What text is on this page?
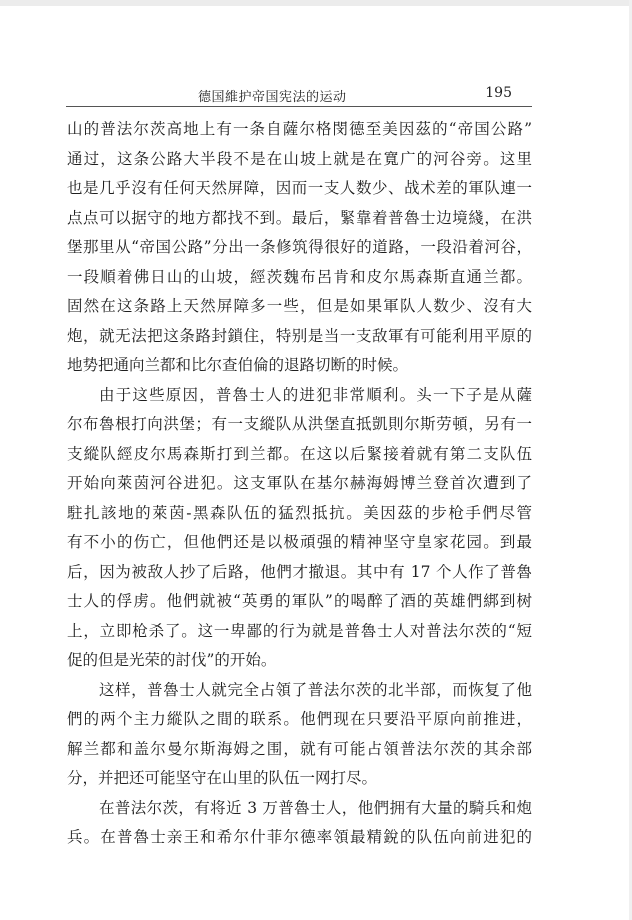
德国維护帝国宪法的运动	195
山的普法尔茨高地上有一条自薩尔格閔德至美因茲的“帝国公路”
通过，这条公路大半段不是在山坡上就是在寬广的河谷旁。这里
也是几乎沒有任何天然屏障，因而一支人数少、战术差的軍队連一
点点可以据守的地方都找不到。最后，緊靠着普魯士边境綫，在洪
堡那里从“帝国公路”分出一条修筑得很好的道路，一段沿着河谷，
一段順着佛日山的山坡，經茨魏布呂肯和皮尔馬森斯直通兰都。
固然在这条路上天然屏障多一些，但是如果軍队人数少、沒有大
炮，就无法把这条路封鎖住，特别是当一支敌軍有可能利用平原的
地势把通向兰都和比尔查伯倫的退路切断的时候。
由于这些原因，普魯士人的进犯非常順利。头一下子是从薩
尔布魯根打向洪堡；有一支縱队从洪堡直抵凱則尔斯劳頓，另有一
支縱队經皮尔馬森斯打到兰都。在这以后緊接着就有第二支队伍
开始向萊茵河谷进犯。这支軍队在基尔赫海姆博兰登首次遭到了
駐扎該地的萊茵-黑森队伍的猛烈抵抗。美因茲的步枪手們尽管
有不小的伤亡，但他們还是以极頑强的精神坚守皇家花园。到最
后，因为被敌人抄了后路，他們才撤退。其中有 17 个人作了普魯
士人的俘虏。他們就被“英勇的軍队”的喝醉了酒的英雄們綁到树
上，立即枪杀了。这一卑鄙的行为就是普魯士人对普法尔茨的“短
促的但是光荣的討伐”的开始。
这样，普魯士人就完全占領了普法尔茨的北半部，而恢复了他
們的两个主力縱队之間的联系。他們现在只要沿平原向前推进，
解兰都和盖尔曼尔斯海姆之围，就有可能占領普法尔茨的其余部
分，并把还可能坚守在山里的队伍一网打尽。
在普法尔茨，有将近 3 万普魯士人，他們拥有大量的騎兵和炮
兵。在普魯士亲王和希尔什菲尔德率領最精銳的队伍向前进犯的
